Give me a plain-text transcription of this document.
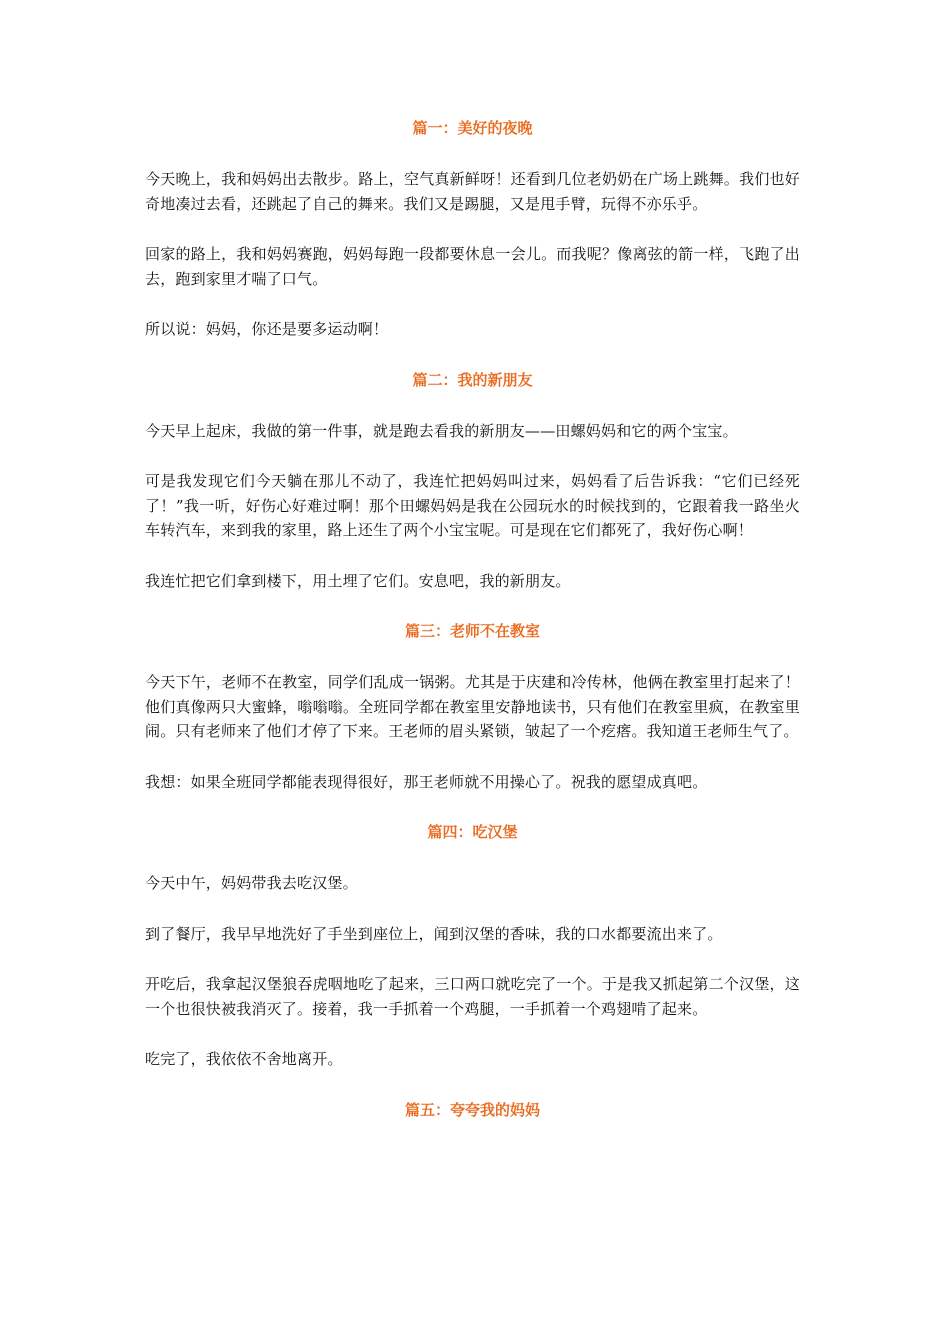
篇一：美好的夜晚

今天晚上，我和妈妈出去散步。路上，空气真新鲜呀！还看到几位老奶奶在广场上跳舞。我们也好奇地凑过去看，还跳起了自己的舞来。我们又是踢腿，又是甩手臂，玩得不亦乐乎。

回家的路上，我和妈妈赛跑，妈妈每跑一段都要休息一会儿。而我呢？像离弦的箭一样，飞跑了出去，跑到家里才喘了口气。

所以说：妈妈，你还是要多运动啊！

篇二：我的新朋友

今天早上起床，我做的第一件事，就是跑去看我的新朋友——田螺妈妈和它的两个宝宝。

可是我发现它们今天躺在那儿不动了，我连忙把妈妈叫过来，妈妈看了后告诉我：“它们已经死了！”我一听，好伤心好难过啊！那个田螺妈妈是我在公园玩水的时候找到的，它跟着我一路坐火车转汽车，来到我的家里，路上还生了两个小宝宝呢。可是现在它们都死了，我好伤心啊！

我连忙把它们拿到楼下，用土埋了它们。安息吧，我的新朋友。

篇三：老师不在教室

今天下午，老师不在教室，同学们乱成一锅粥。尤其是于庆建和冷传林，他俩在教室里打起来了！他们真像两只大蜜蜂，嗡嗡嗡。全班同学都在教室里安静地读书，只有他们在教室里疯，在教室里闹。只有老师来了他们才停了下来。王老师的眉头紧锁，皱起了一个疙瘩。我知道王老师生气了。

我想：如果全班同学都能表现得很好，那王老师就不用操心了。祝我的愿望成真吧。

篇四：吃汉堡

今天中午，妈妈带我去吃汉堡。

到了餐厅，我早早地洗好了手坐到座位上，闻到汉堡的香味，我的口水都要流出来了。

开吃后，我拿起汉堡狼吞虎咽地吃了起来，三口两口就吃完了一个。于是我又抓起第二个汉堡，这一个也很快被我消灭了。接着，我一手抓着一个鸡腿，一手抓着一个鸡翅啃了起来。

吃完了，我依依不舍地离开。

篇五：夸夸我的妈妈
